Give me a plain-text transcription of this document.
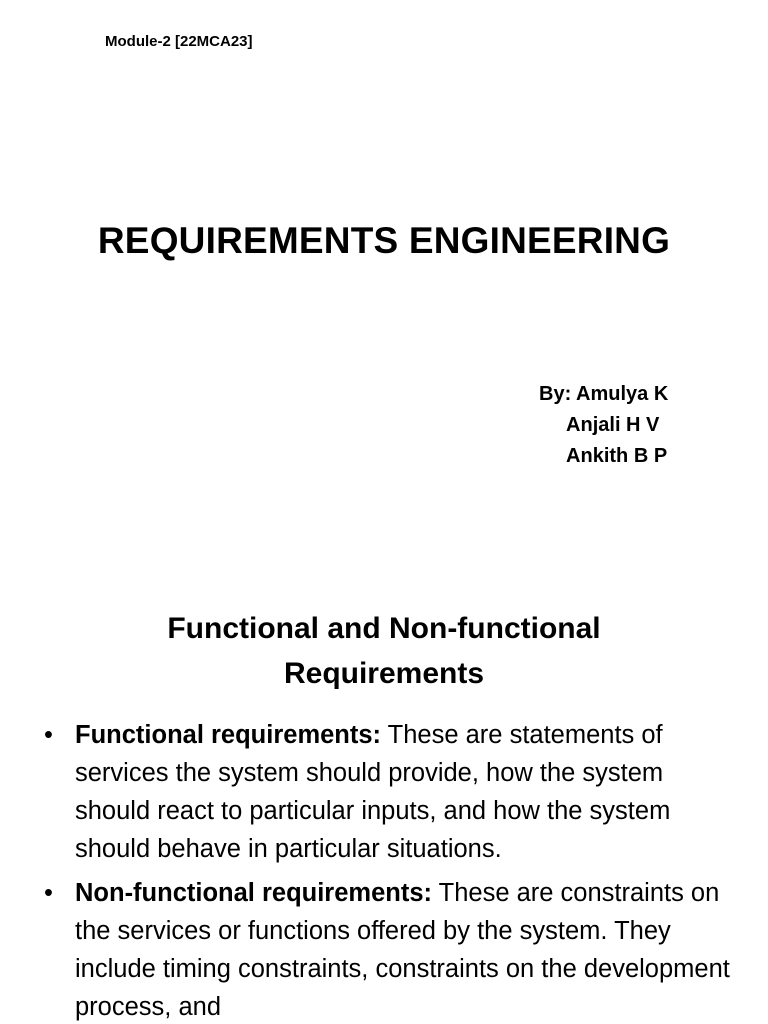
Module-2 [22MCA23]
REQUIREMENTS ENGINEERING
By: Amulya K
Anjali H V
Ankith B P
Functional and Non-functional
Requirements
• Functional requirements: These are statements of services the system should provide, how the system should react to particular inputs, and how the system should behave in particular situations.
• Non-functional requirements: These are constraints on the services or functions offered by the system. They include timing constraints, constraints on the development process, and
